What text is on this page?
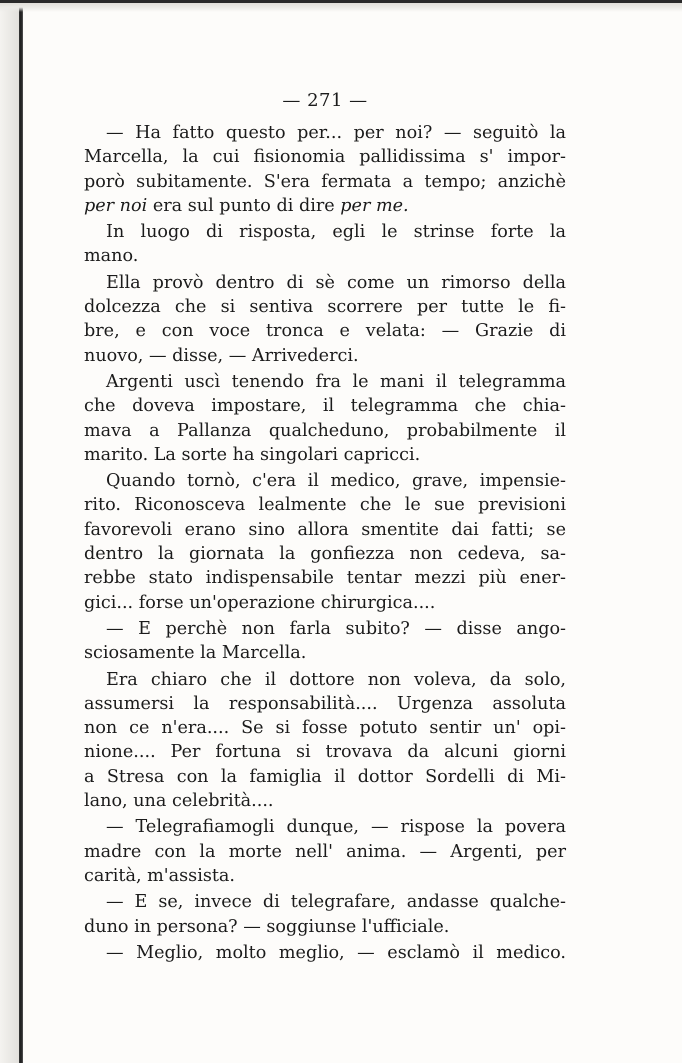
— 271 —
— Ha fatto questo per... per noi? — seguitò la
Marcella, la cui fisionomia pallidissima s' impor-
porò subitamente. S'era fermata a tempo; anzichè
per noi era sul punto di dire per me.
In luogo di risposta, egli le strinse forte la
mano.
Ella provò dentro di sè come un rimorso della
dolcezza che si sentiva scorrere per tutte le fi-
bre, e con voce tronca e velata: — Grazie di
nuovo, — disse, — Arrivederci.
Argenti uscì tenendo fra le mani il telegramma
che doveva impostare, il telegramma che chia-
mava a Pallanza qualcheduno, probabilmente il
marito. La sorte ha singolari capricci.
Quando tornò, c'era il medico, grave, impensie-
rito. Riconosceva lealmente che le sue previsioni
favorevoli erano sino allora smentite dai fatti; se
dentro la giornata la gonfiezza non cedeva, sa-
rebbe stato indispensabile tentar mezzi più ener-
gici... forse un'operazione chirurgica....
— E perchè non farla subito? — disse ango-
sciosamente la Marcella.
Era chiaro che il dottore non voleva, da solo,
assumersi la responsabilità.... Urgenza assoluta
non ce n'era.... Se si fosse potuto sentir un' opi-
nione.... Per fortuna si trovava da alcuni giorni
a Stresa con la famiglia il dottor Sordelli di Mi-
lano, una celebrità....
— Telegrafiamogli dunque, — rispose la povera
madre con la morte nell' anima. — Argenti, per
carità, m'assista.
— E se, invece di telegrafare, andasse qualche-
duno in persona? — soggiunse l'ufficiale.
— Meglio, molto meglio, — esclamò il medico.
